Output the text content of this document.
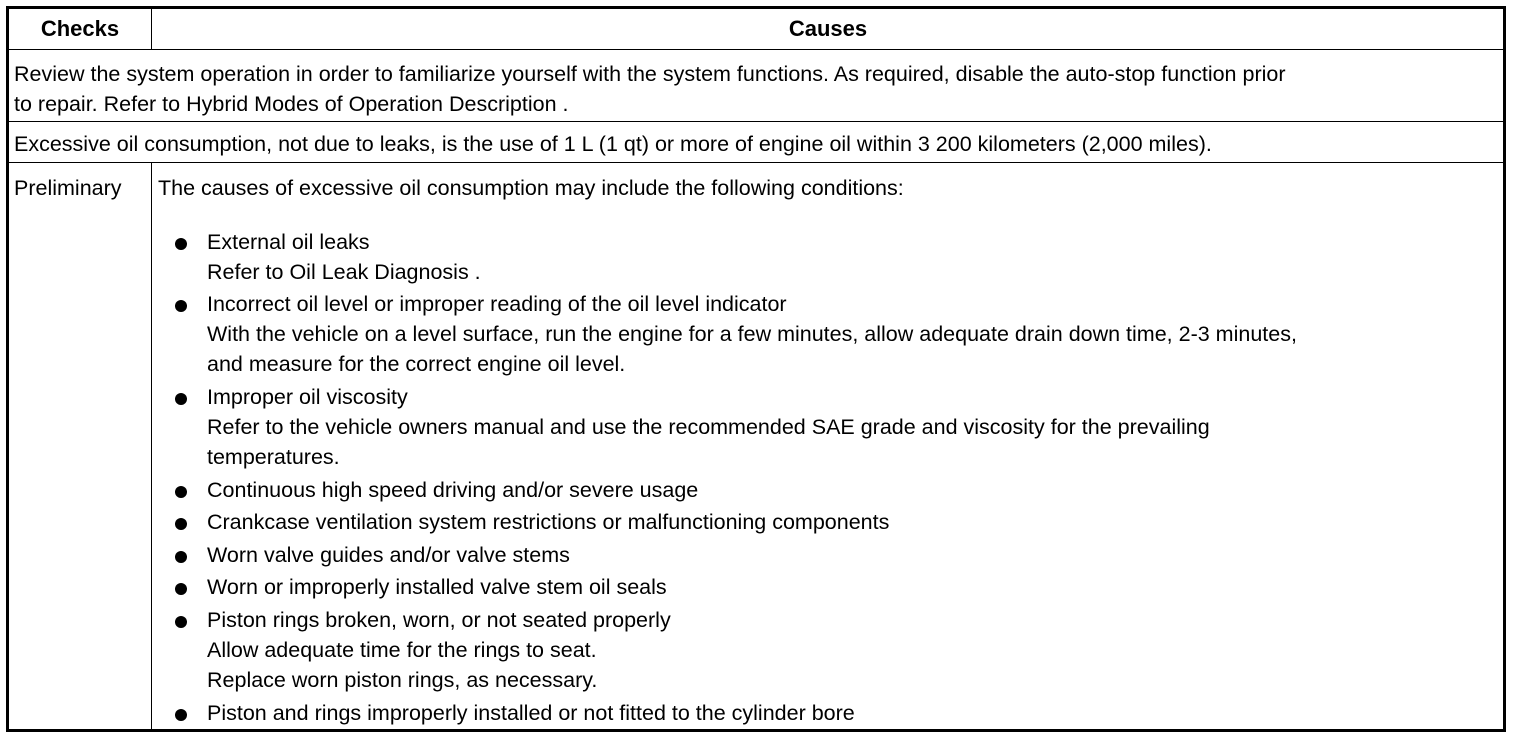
Checks	Causes
Review the system operation in order to familiarize yourself with the system functions. As required, disable the auto-stop function prior
to repair. Refer to Hybrid Modes of Operation Description .
Excessive oil consumption, not due to leaks, is the use of 1 L (1 qt) or more of engine oil within 3 200 kilometers (2,000 miles).
Preliminary The causes of excessive oil consumption may include the following conditions:
External oil leaks
Refer to Oil Leak Diagnosis .
Incorrect oil level or improper reading of the oil level indicator
With the vehicle on a level surface, run the engine for a few minutes, allow adequate drain down time, 2-3 minutes,
and measure for the correct engine oil level.
Improper oil viscosity
Refer to the vehicle owners manual and use the recommended SAE grade and viscosity for the prevailing
temperatures.
Continuous high speed driving and/or severe usage
Crankcase ventilation system restrictions or malfunctioning components
Worn valve guides and/or valve stems
Worn or improperly installed valve stem oil seals
Piston rings broken, worn, or not seated properly
Allow adequate time for the rings to seat.
Replace worn piston rings, as necessary.
Piston and rings improperly installed or not fitted to the cylinder bore
